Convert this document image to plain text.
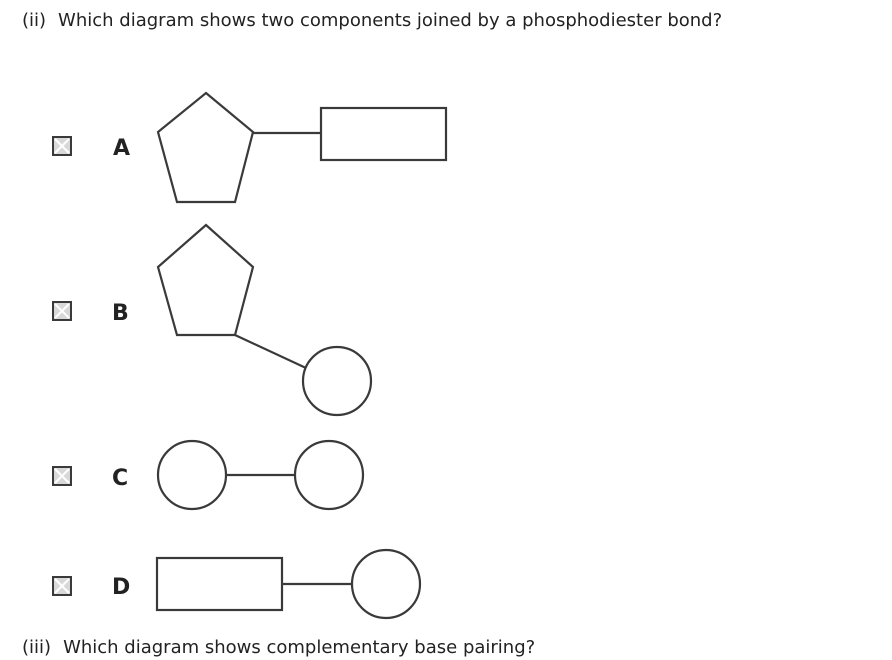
(ii) Which diagram shows two components joined by a phosphodiester bond?
A
B
C
D
(iii) Which diagram shows complementary base pairing?
